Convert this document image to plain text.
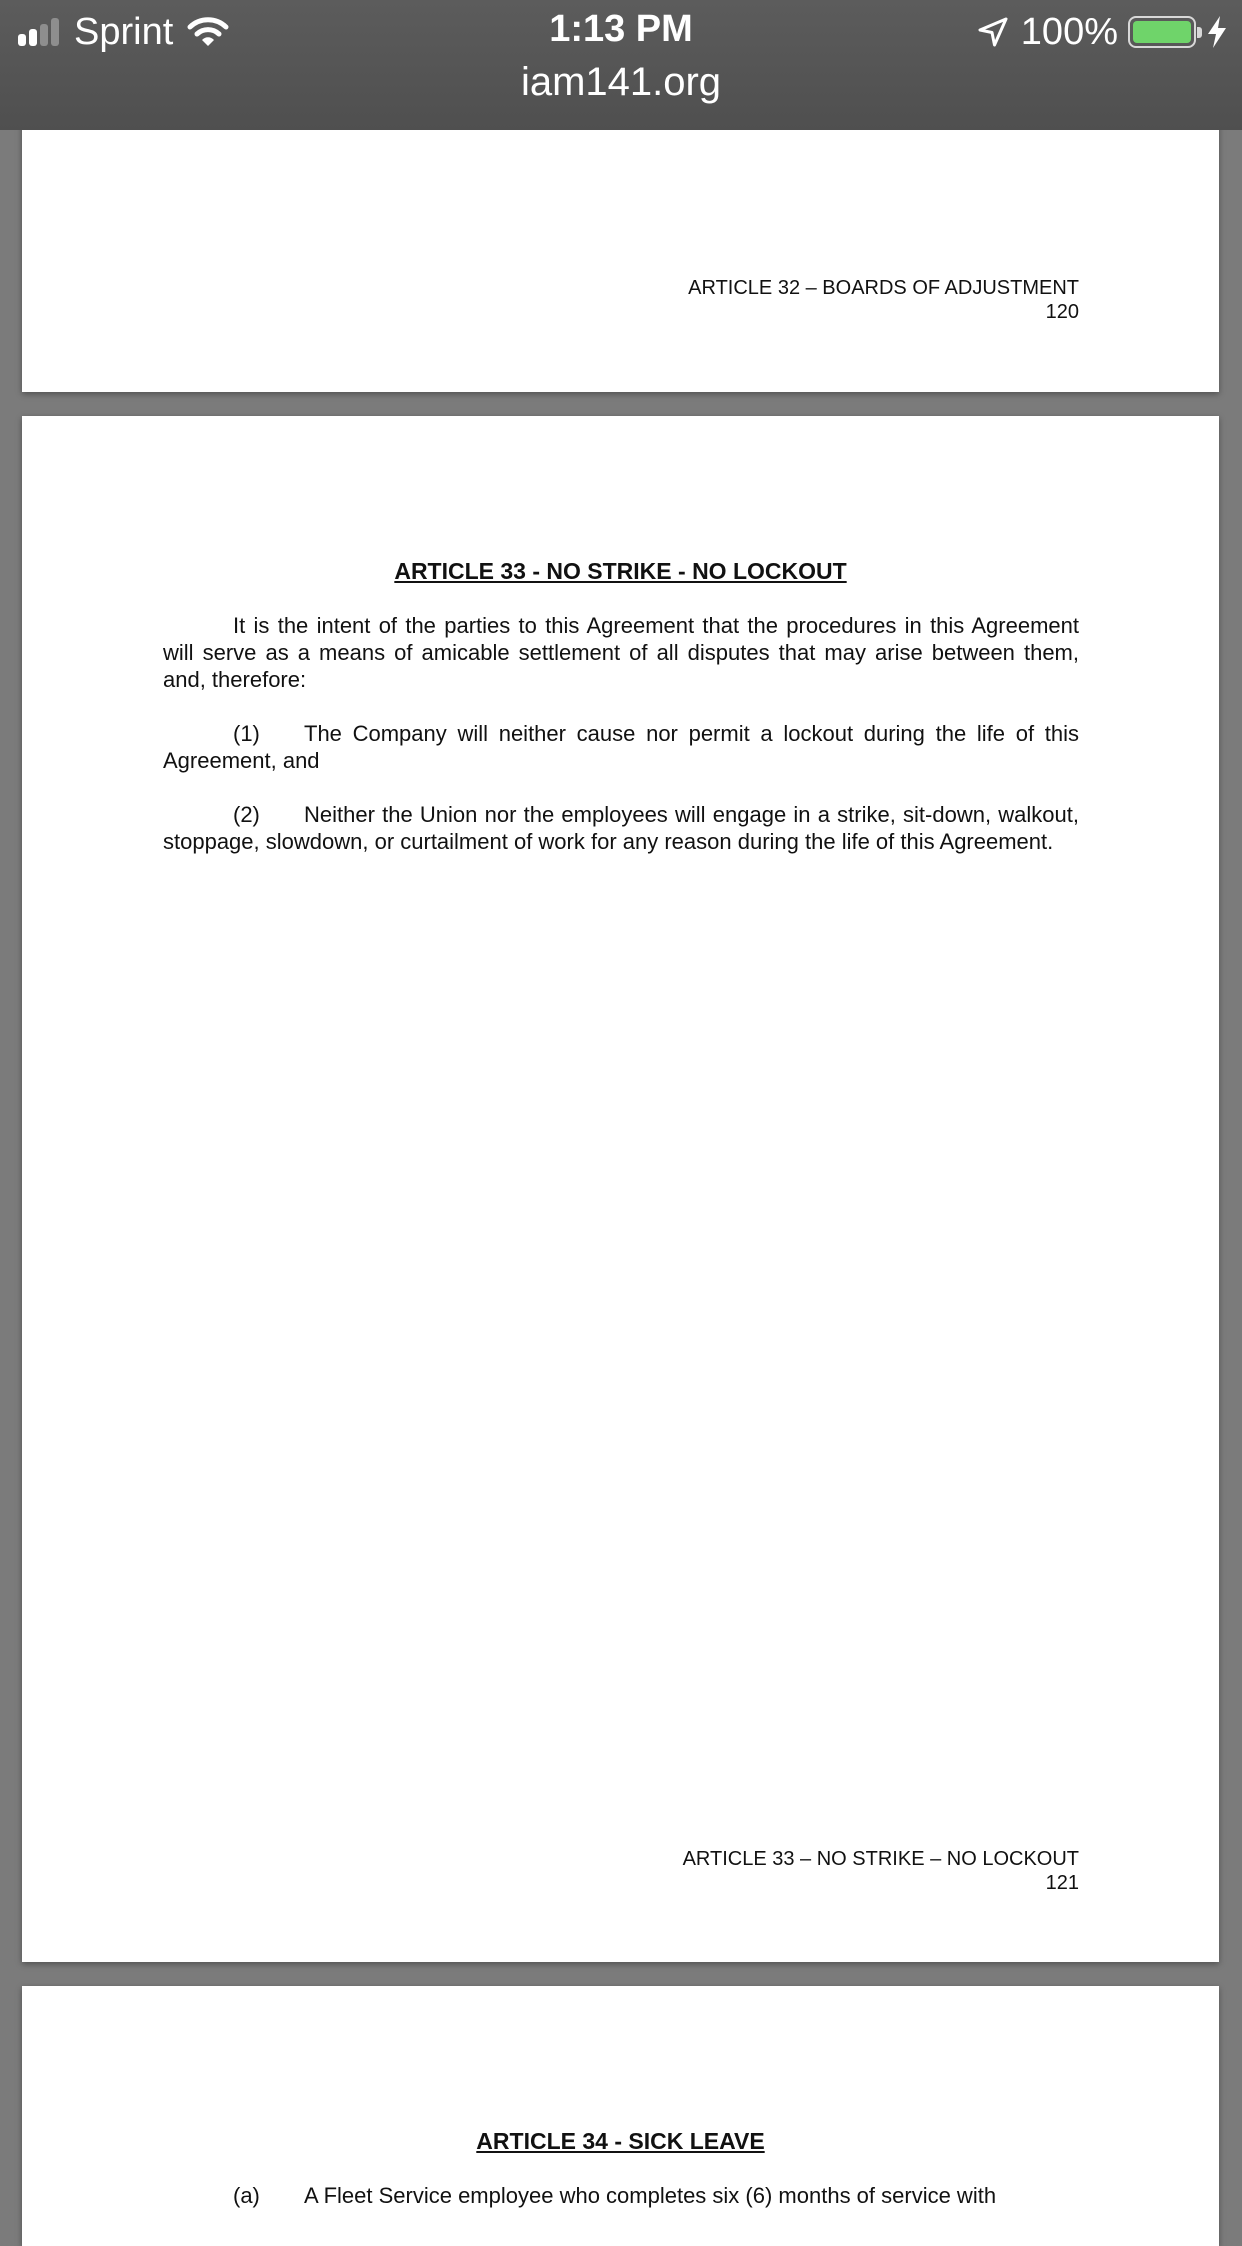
Sprint	1:13 PM
iam141.org
100%
ARTICLE 32 – BOARDS OF ADJUSTMENT
120
ARTICLE 33 - NO STRIKE - NO LOCKOUT
It is the intent of the parties to this Agreement that the procedures in this Agreement will serve as a means of amicable settlement of all disputes that may arise between them, and, therefore:
(1) The Company will neither cause nor permit a lockout during the life of this Agreement, and
(2) Neither the Union nor the employees will engage in a strike, sit-down, walkout, stoppage, slowdown, or curtailment of work for any reason during the life of this Agreement.
ARTICLE 33 – NO STRIKE – NO LOCKOUT
121
ARTICLE 34 - SICK LEAVE
(a) A Fleet Service employee who completes six (6) months of service with
